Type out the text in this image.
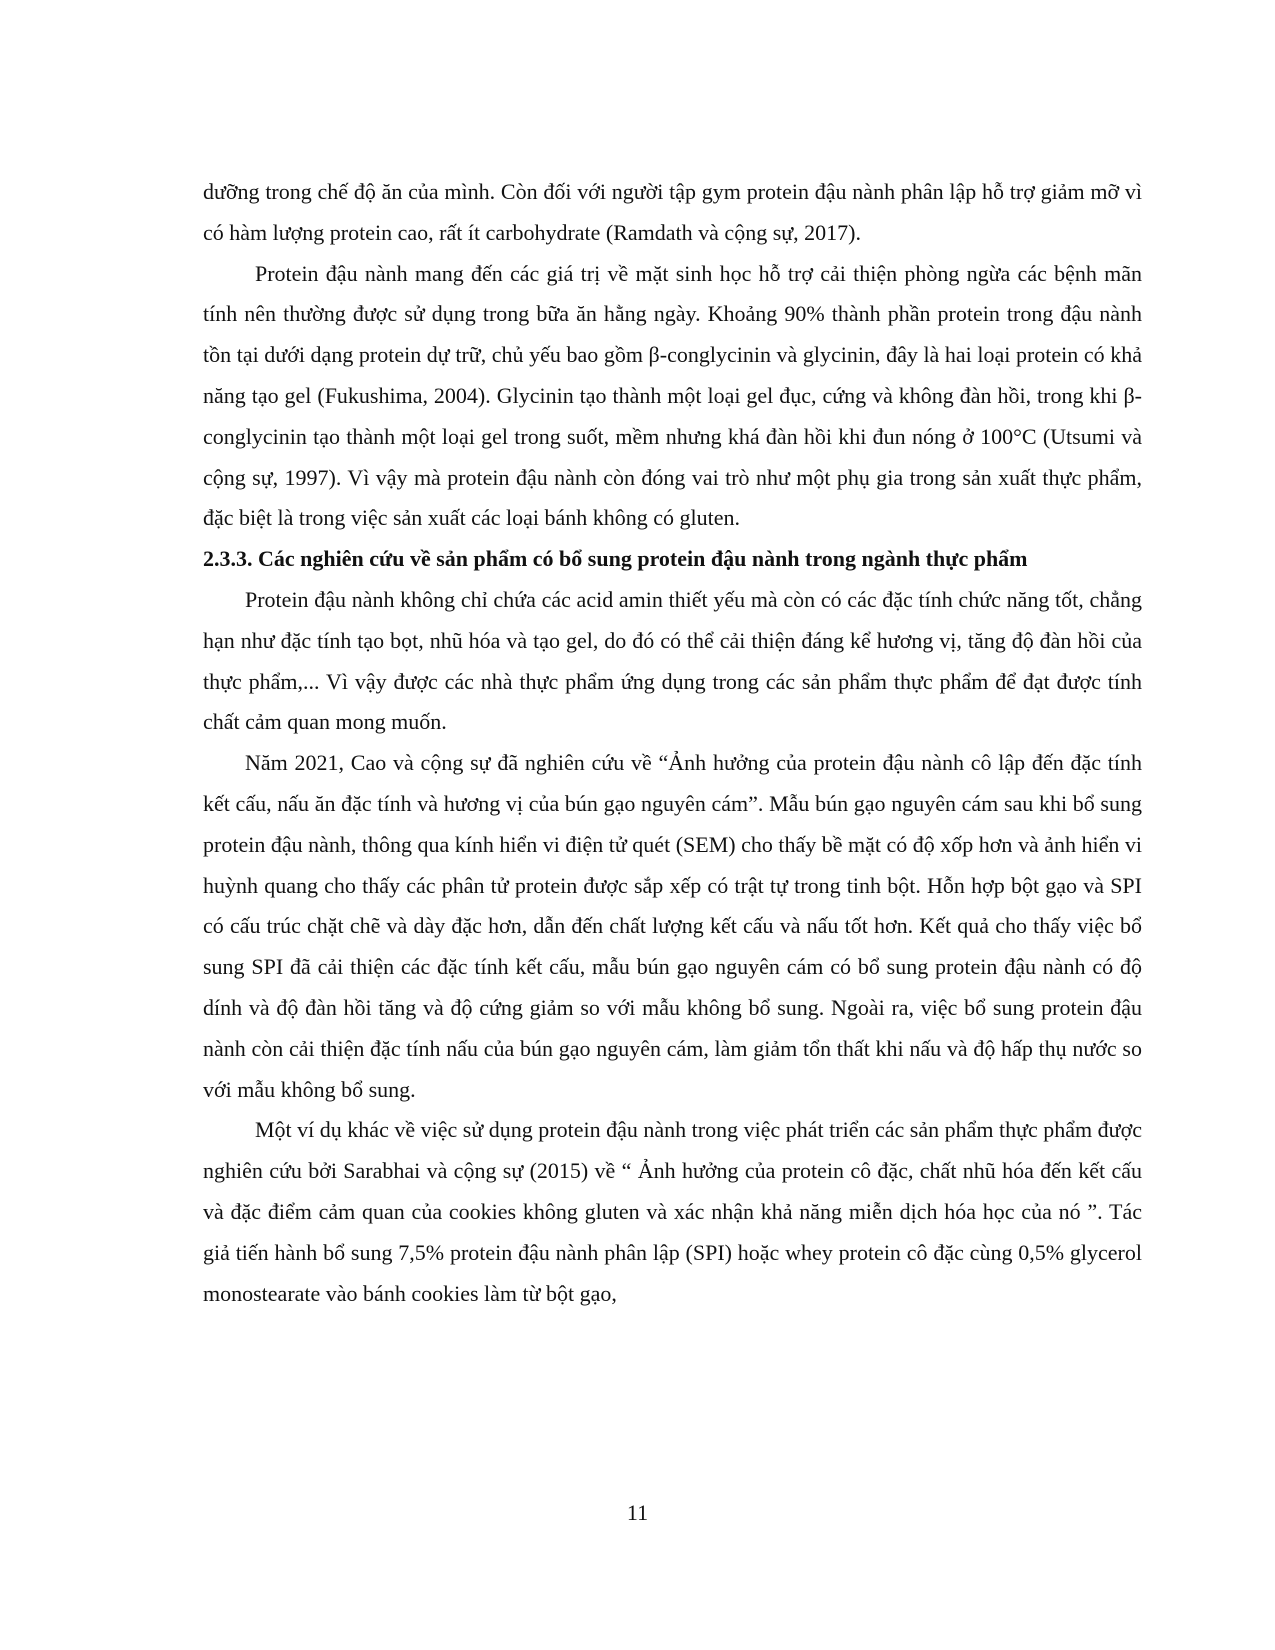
dưỡng trong chế độ ăn của mình. Còn đối với người tập gym protein đậu nành phân lập hỗ trợ giảm mỡ vì có hàm lượng protein cao, rất ít carbohydrate (Ramdath và cộng sự, 2017).

Protein đậu nành mang đến các giá trị về mặt sinh học hỗ trợ cải thiện phòng ngừa các bệnh mãn tính nên thường được sử dụng trong bữa ăn hằng ngày. Khoảng 90% thành phần protein trong đậu nành tồn tại dưới dạng protein dự trữ, chủ yếu bao gồm β-conglycinin và glycinin, đây là hai loại protein có khả năng tạo gel (Fukushima, 2004). Glycinin tạo thành một loại gel đục, cứng và không đàn hồi, trong khi β-conglycinin tạo thành một loại gel trong suốt, mềm nhưng khá đàn hồi khi đun nóng ở 100°C (Utsumi và cộng sự, 1997). Vì vậy mà protein đậu nành còn đóng vai trò như một phụ gia trong sản xuất thực phẩm, đặc biệt là trong việc sản xuất các loại bánh không có gluten.

2.3.3. Các nghiên cứu về sản phẩm có bổ sung protein đậu nành trong ngành thực phẩm

Protein đậu nành không chỉ chứa các acid amin thiết yếu mà còn có các đặc tính chức năng tốt, chẳng hạn như đặc tính tạo bọt, nhũ hóa và tạo gel, do đó có thể cải thiện đáng kể hương vị, tăng độ đàn hồi của thực phẩm,... Vì vậy được các nhà thực phẩm ứng dụng trong các sản phẩm thực phẩm để đạt được tính chất cảm quan mong muốn.

Năm 2021, Cao và cộng sự đã nghiên cứu về “Ảnh hưởng của protein đậu nành cô lập đến đặc tính kết cấu, nấu ăn đặc tính và hương vị của bún gạo nguyên cám”. Mẫu bún gạo nguyên cám sau khi bổ sung protein đậu nành, thông qua kính hiển vi điện tử quét (SEM) cho thấy bề mặt có độ xốp hơn và ảnh hiển vi huỳnh quang cho thấy các phân tử protein được sắp xếp có trật tự trong tinh bột. Hỗn hợp bột gạo và SPI có cấu trúc chặt chẽ và dày đặc hơn, dẫn đến chất lượng kết cấu và nấu tốt hơn. Kết quả cho thấy việc bổ sung SPI đã cải thiện các đặc tính kết cấu, mẫu bún gạo nguyên cám có bổ sung protein đậu nành có độ dính và độ đàn hồi tăng và độ cứng giảm so với mẫu không bổ sung. Ngoài ra, việc bổ sung protein đậu nành còn cải thiện đặc tính nấu của bún gạo nguyên cám, làm giảm tổn thất khi nấu và độ hấp thụ nước so với mẫu không bổ sung.

Một ví dụ khác về việc sử dụng protein đậu nành trong việc phát triển các sản phẩm thực phẩm được nghiên cứu bởi Sarabhai và cộng sự (2015) về “ Ảnh hưởng của protein cô đặc, chất nhũ hóa đến kết cấu và đặc điểm cảm quan của cookies không gluten và xác nhận khả năng miễn dịch hóa học của nó ”. Tác giả tiến hành bổ sung 7,5% protein đậu nành phân lập (SPI) hoặc whey protein cô đặc cùng 0,5% glycerol monostearate vào bánh cookies làm từ bột gạo,

11
